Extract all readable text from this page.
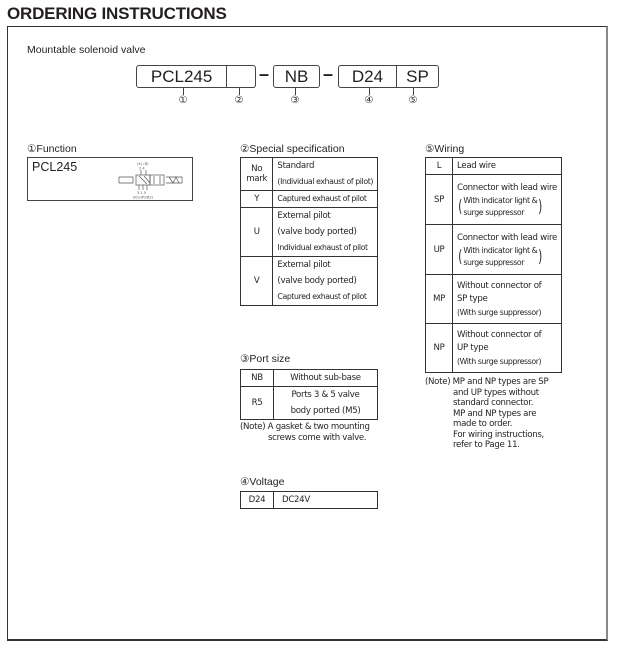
ORDERING INSTRUCTIONS
Mountable solenoid valve
PCL245	– NB –	D24	SP
①	②	③	④	⑤
①Function
PCL245	(4) (B)
2 4
3 1 5
(R1)(P)(R2)
②Special specification
No
mark

Standard
(Individual exhaust of pilot)

Y	Captured exhaust of pilot

U	
External pilot
(valve body ported)
Individual exhaust of pilot

V	
External pilot
(valve body ported)
Captured exhaust of pilot
③Port size
NB	Without sub-base

R5	
Ports 3 & 5 valve
body ported (M5)
(Note) A gasket & two mounting
screws come with valve.
④Voltage
D24	DC24V
⑤Wiring
L	Lead wire
SP	
Connector with lead wire
( With indicator light &
surge suppressor )

UP	
Connector with lead wire
( With indicator light &
surge suppressor )

MP	
Without connector of
SP type
(With surge suppressor)

NP	
Without connector of
UP type
(With surge suppressor)
(Note) MP and NP types are SP
and UP types without
standard connector.
MP and NP types are
made to order.
For wiring instructions,
refer to Page 11.
